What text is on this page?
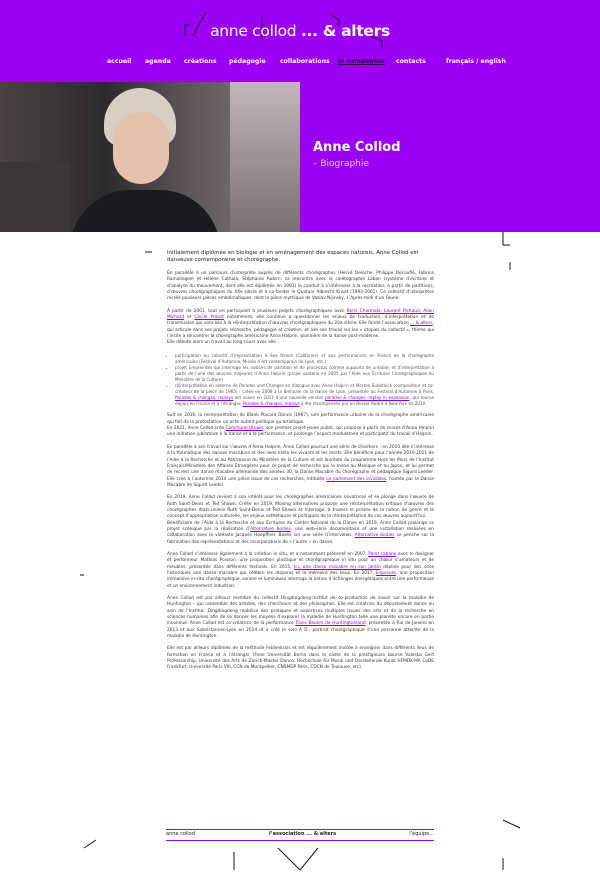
anne collod ... & alters
accueil agenda créations pédagogie collaborations la compagnie contacts	français / english
Anne Collod
– Biographie

Initialement diplômée en biologie et en aménagement des espaces naturels, Anne Collod est danseuse contemporaine et chorégraphe.

En parallèle à un parcours d’interprète auprès de différents chorégraphes (Hervé Deloche, Philippe Decouflé, Fabrice Ramalingom et Hélène Cathala, Stéphanie Aubin), sa rencontre avec la cinétographie Laban (système d’écriture et d’analyse du mouvement, dont elle est diplômée en 1993) la conduit à s’intéresser à la recréation, à partir de partitions, d’œuvres chorégraphiques du XXe siècle et à co-fonder le Quatuor Albrecht Knust (1993-2001). Ce collectif d’interprètes recrée plusieurs pièces emblématiques, dont la pièce mythique de Vaslav Nijinsky, L’Après-midi d’un Faune.

À partir de 2001, tout en participant à plusieurs projets chorégraphiques avec Boris Charmatz, Laurent Pichaud, Alain Michard et Cécile Proust notamment, elle continue à questionner les enjeux de traduction, d’interprétation et de transmission qui sont liés à la réinterprétation d’œuvres chorégraphiques du 20e siècle. Elle fonde l’association ... & alters, qui articule dans ses projets recherche, pédagogie et création, et axe son travail sur les « utopies du collectif », thème qui l’incite à rencontrer la chorégraphe américaine Anna Halprin, pionnière de la danse post-moderne.
Elle débute alors un travail au long cours avec elle :

• participation au collectif d’improvisation à Sea Ranch (Californie) et aux performances en France de la chorégraphe américaine (Festival d’Automne, Musée d’Art contemporain de Lyon, etc.)
• projet Empreintes qui interroge les notions de partition et de processus comme supports de création et d’interprétation à partir de l’une des œuvres majeures d’Anna Halprin (projet soutenu en 2005 par l’Aide aux Écritures Chorégraphiques du Ministère de la Culture)
• réinterprétation en externe de Parades and Changes en dialogue avec Anna Halprin et Morton Subotnick (compositeur et co-créateur de la pièce de 1965) : créée en 2008 à la Biennale de la danse de Lyon, présentée au Festival d’Automne à Paris, Parades & changes, replays est suivie en 2011 d’une nouvelle version parades & changes, replay in expansion, qui tourne depuis en France et à l’étranger. Parades & changes, replays a été récompensée par un Bessie Award à New-York en 2010.

Suit en 2016, la reinterpretation de Blank Placard Dance (1967), une performance urbaine de la chorégraphe américaine qui fait de la protestation un acte autant politique qu’artistique.
En 2021, Anne Collod crée Commune Utopie, son premier projet jeune public, qui propose à partir de scores d’Anna Halprin une initiation jubilatoire à la danse et à la performance, et prolonge l’aspect modulatoire et participatif du travail d’Halprin.

En parallèle à son travail sur l’œuvre d’Anna Halprin, Anne Collod poursuit une série de chantiers : en 2010 elle s’intéresse à la thématique des danses macabres et des liens entre les vivants et les morts. Elle bénéficie pour l’année 2010-2011 de l’Aide à la Recherche et au Patrimoine du Ministère de la Culture et est lauréate du programme Hors les Murs de l’Institut Français/Ministère des Affaires Étrangères pour ce projet de recherche qui la mène au Mexique et au Japon, et lui permet de recréer une danse macabre allemande des années 30, la Danse Macabre du chorégraphe et pédagogue Sigurd Leeder. Elle crée à l’automne 2014 une pièce issue de ces recherches, intitulée Le parlement des invisibles, hantée par la Danse Macabre de Sigurd Leeder.

En 2019, Anne Collod revient à son intérêt pour les chorégraphes américaines novatrices et se plonge dans l’œuvre de Ruth Saint-Denis et Ted Shawn. Créée en 2019, Moving alternatives propose une réinterprétation critique d’œuvres des chorégraphes états-uniens Ruth Saint-Denis et Ted Shawn et interroge, à travers le prisme de la notion de genre et le concept d’appropriation culturelle, les enjeux esthétiques et politiques de la réinterprétation de ces œuvres aujourd’hui.
Bénéficiaire de l’Aide à la Recherche et aux Écritures du Centre National de la Danse en 2019, Anne Collod prolonge ce projet scénique par la réalisation d’Alternative bodies, une web-série documentaire et une installation réalisées en collaboration avec le vidéaste Jacques Hoepffner. Basée sur une série d’interviews, Alternative bodies se penche sur la fabrication des représentations et des incorporations de « l’autre » en danse.

Anne Collod s’intéresse également à la création in situ, et a notamment présenté en 2007, Parel cabane avec le designer et performeur Mathias Poisson, une proposition plastique et chorégraphique in situ pour un chœur d’amateurs et de meubles, présentée dans différents festivals. En 2015, Ici, une danse macabre en son jardin déploie pour des sites historiques une danse macabre qui célèbre les disparus et la mémoire des lieux. En 2017, Exposure, une proposition immersive in-situ chorégraphique, sonore et lumineuse interroge la notion d’échanges énergétiques entre une performeuse et un environnement industriel.

Anne Collod est par ailleurs membre du collectif Dingdingdong-Institut de co-production de savoir sur la maladie de Huntington – qui rassemble des artistes, des chercheurs et des philosophes. Elle est créatrice du département danse au sein de l’Institut. Dingdingdong mobilise des pratiques et expertises multiples issues des arts et de la recherche en sciences humaines afin de se donner les moyens d’explorer la maladie de Huntington telle une planète encore en partie inconnue. Anne Collod est co-créatrice de la performance Trans Bauers de Huntingtonland, présentée à Rio de Janeiro en 2013 et aux Subsistances-Lyon en 2014 et a créé le solo À D., portrait chorégraphique d’une personne atteinte de la maladie de Huntington.

Elle est par ailleurs diplômée de la méthode Feldenkrais et est régulièrement invitée à enseigner dans différents lieux de formation en France et à l’étranger (Freie Universität Berlin dans le cadre de la prestigieuse bourse Valeska Gert Professorship, Université des Arts de Zurich-Master Dance, Hochschule für Musik und Darstellende Kunst HFMDK-MA CoDE Frankfurt, Université Paris VIII, CCN de Montpellier, CNSMDP Paris, CDCN de Toulouse, etc).

anne collod	l’association ... & alters	l’équipe...
